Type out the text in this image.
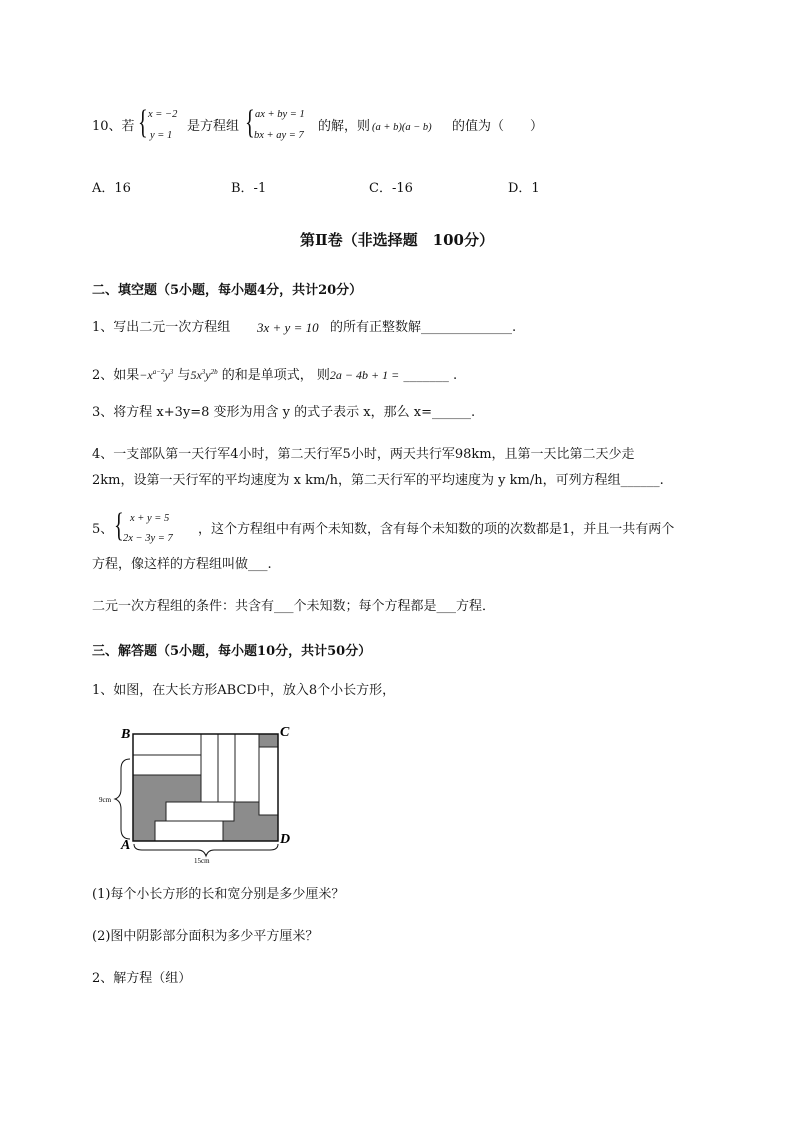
10、若 { x = −2
y = 1
是方程组 { ax + by = 1
bx + ay = 7
的解，则 (a + b)(a − b) 的值为（　　）
A．16	B．-1	C．-16	D．1
第Ⅱ卷（非选择题　100分）
二、填空题（5小题，每小题4分，共计20分）
1、写出二元一次方程组 3x + y = 10 的所有正整数解______________.
2、如果$-x^{a-2}y^3$ 与$5x^3y^{2b}$ 的和是单项式， 则2a − 4b + 1 = _______ .
3、将方程 x+3y=8 变形为用含 y 的式子表示 x，那么 x=______.
4、一支部队第一天行军4小时，第二天行军5小时，两天共行军98km，且第一天比第二天少走
2km，设第一天行军的平均速度为 x km/h，第二天行军的平均速度为 y km/h，可列方程组______.
5、 { x + y = 5
2x − 3y = 7
，这个方程组中有两个未知数，含有每个未知数的项的次数都是1，并且一共有两个
方程，像这样的方程组叫做___.
二元一次方程组的条件：共含有___个未知数；每个方程都是___方程．
三、解答题（5小题，每小题10分，共计50分）
1、如图，在大长方形ABCD中，放入8个小长方形，
B	C
A	D
9cm
15cm
(1)每个小长方形的长和宽分别是多少厘米？
(2)图中阴影部分面积为多少平方厘米？
2、解方程（组）
